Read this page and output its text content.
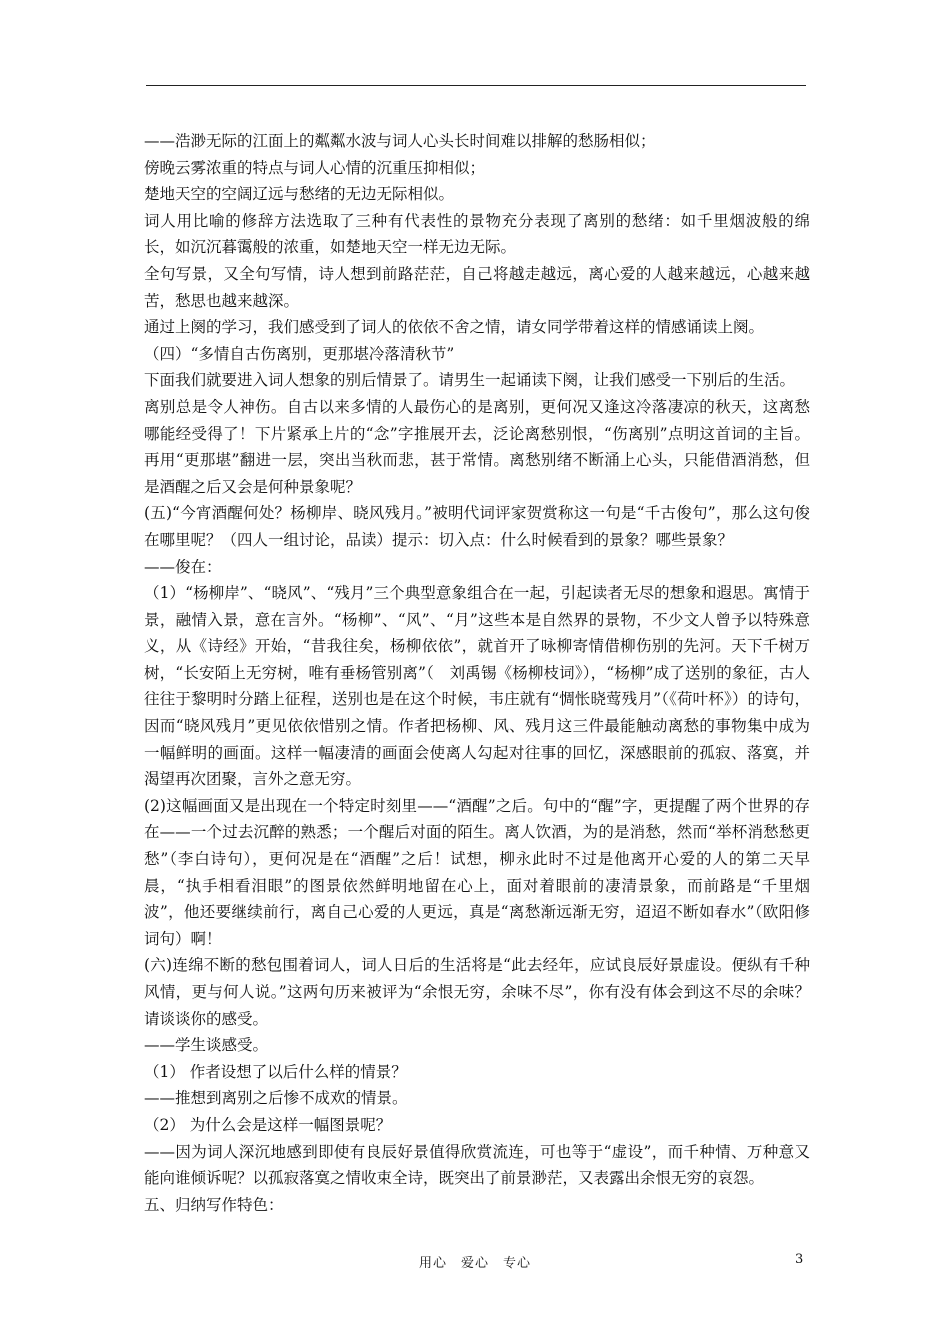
——浩渺无际的江面上的粼粼水波与词人心头长时间难以排解的愁肠相似；

傍晚云雾浓重的特点与词人心情的沉重压抑相似；

楚地天空的空阔辽远与愁绪的无边无际相似。

词人用比喻的修辞方法选取了三种有代表性的景物充分表现了离别的愁绪：如千里烟波般的绵长，如沉沉暮霭般的浓重，如楚地天空一样无边无际。

全句写景，又全句写情，诗人想到前路茫茫，自己将越走越远，离心爱的人越来越远，心越来越苦，愁思也越来越深。

通过上阕的学习，我们感受到了词人的依依不舍之情，请女同学带着这样的情感诵读上阕。

（四）“多情自古伤离别，更那堪冷落清秋节”

下面我们就要进入词人想象的别后情景了。请男生一起诵读下阕，让我们感受一下别后的生活。

离别总是令人神伤。自古以来多情的人最伤心的是离别，更何况又逢这冷落凄凉的秋天，这离愁哪能经受得了！下片紧承上片的“念”字推展开去，泛论离愁别恨，“伤离别”点明这首词的主旨。再用“更那堪”翻进一层，突出当秋而悲，甚于常情。离愁别绪不断涌上心头，只能借酒消愁，但是酒醒之后又会是何种景象呢？

(五)“今宵酒醒何处？杨柳岸、晓风残月。”被明代词评家贺赏称这一句是“千古俊句”，那么这句俊在哪里呢？（四人一组讨论，品读）提示：切入点：什么时候看到的景象？哪些景象？

——俊在：

（1）“杨柳岸”、“晓风”、“残月”三个典型意象组合在一起，引起读者无尽的想象和遐思。寓情于景，融情入景，意在言外。“杨柳”、“风”、“月”这些本是自然界的景物，不少文人曾予以特殊意义，从《诗经》开始，“昔我往矣，杨柳依依”，就首开了咏柳寄情借柳伤别的先河。天下千树万树，“长安陌上无穷树，唯有垂杨管别离”（　刘禹锡《杨柳枝词》），“杨柳”成了送别的象征，古人往往于黎明时分踏上征程，送别也是在这个时候，韦庄就有“惆怅晓莺残月”（《荷叶杯》）的诗句，因而“晓风残月”更见依依惜别之情。作者把杨柳、风、残月这三件最能触动离愁的事物集中成为一幅鲜明的画面。这样一幅凄清的画面会使离人勾起对往事的回忆，深感眼前的孤寂、落寞，并渴望再次团聚，言外之意无穷。

(2)这幅画面又是出现在一个特定时刻里——“酒醒”之后。句中的“醒”字，更提醒了两个世界的存在——一个过去沉醉的熟悉；一个醒后对面的陌生。离人饮酒，为的是消愁，然而“举杯消愁愁更愁”（李白诗句），更何况是在“酒醒”之后！试想，柳永此时不过是他离开心爱的人的第二天早晨，“执手相看泪眼”的图景依然鲜明地留在心上，面对着眼前的凄清景象，而前路是“千里烟波”，他还要继续前行，离自己心爱的人更远，真是“离愁渐远渐无穷，迢迢不断如春水”（欧阳修词句）啊！

(六)连绵不断的愁包围着词人，词人日后的生活将是“此去经年，应试良辰好景虚设。便纵有千种风情，更与何人说。”这两句历来被评为“余恨无穷，余味不尽”，你有没有体会到这不尽的余味？请谈谈你的感受。

——学生谈感受。

（1） 作者设想了以后什么样的情景？

——推想到离别之后惨不成欢的情景。

（2） 为什么会是这样一幅图景呢？

——因为词人深沉地感到即使有良辰好景值得欣赏流连，可也等于“虚设”，而千种情、万种意又能向谁倾诉呢？以孤寂落寞之情收束全诗，既突出了前景渺茫，又表露出余恨无穷的哀怨。

五、归纳写作特色：

用心　爱心　专心	3
